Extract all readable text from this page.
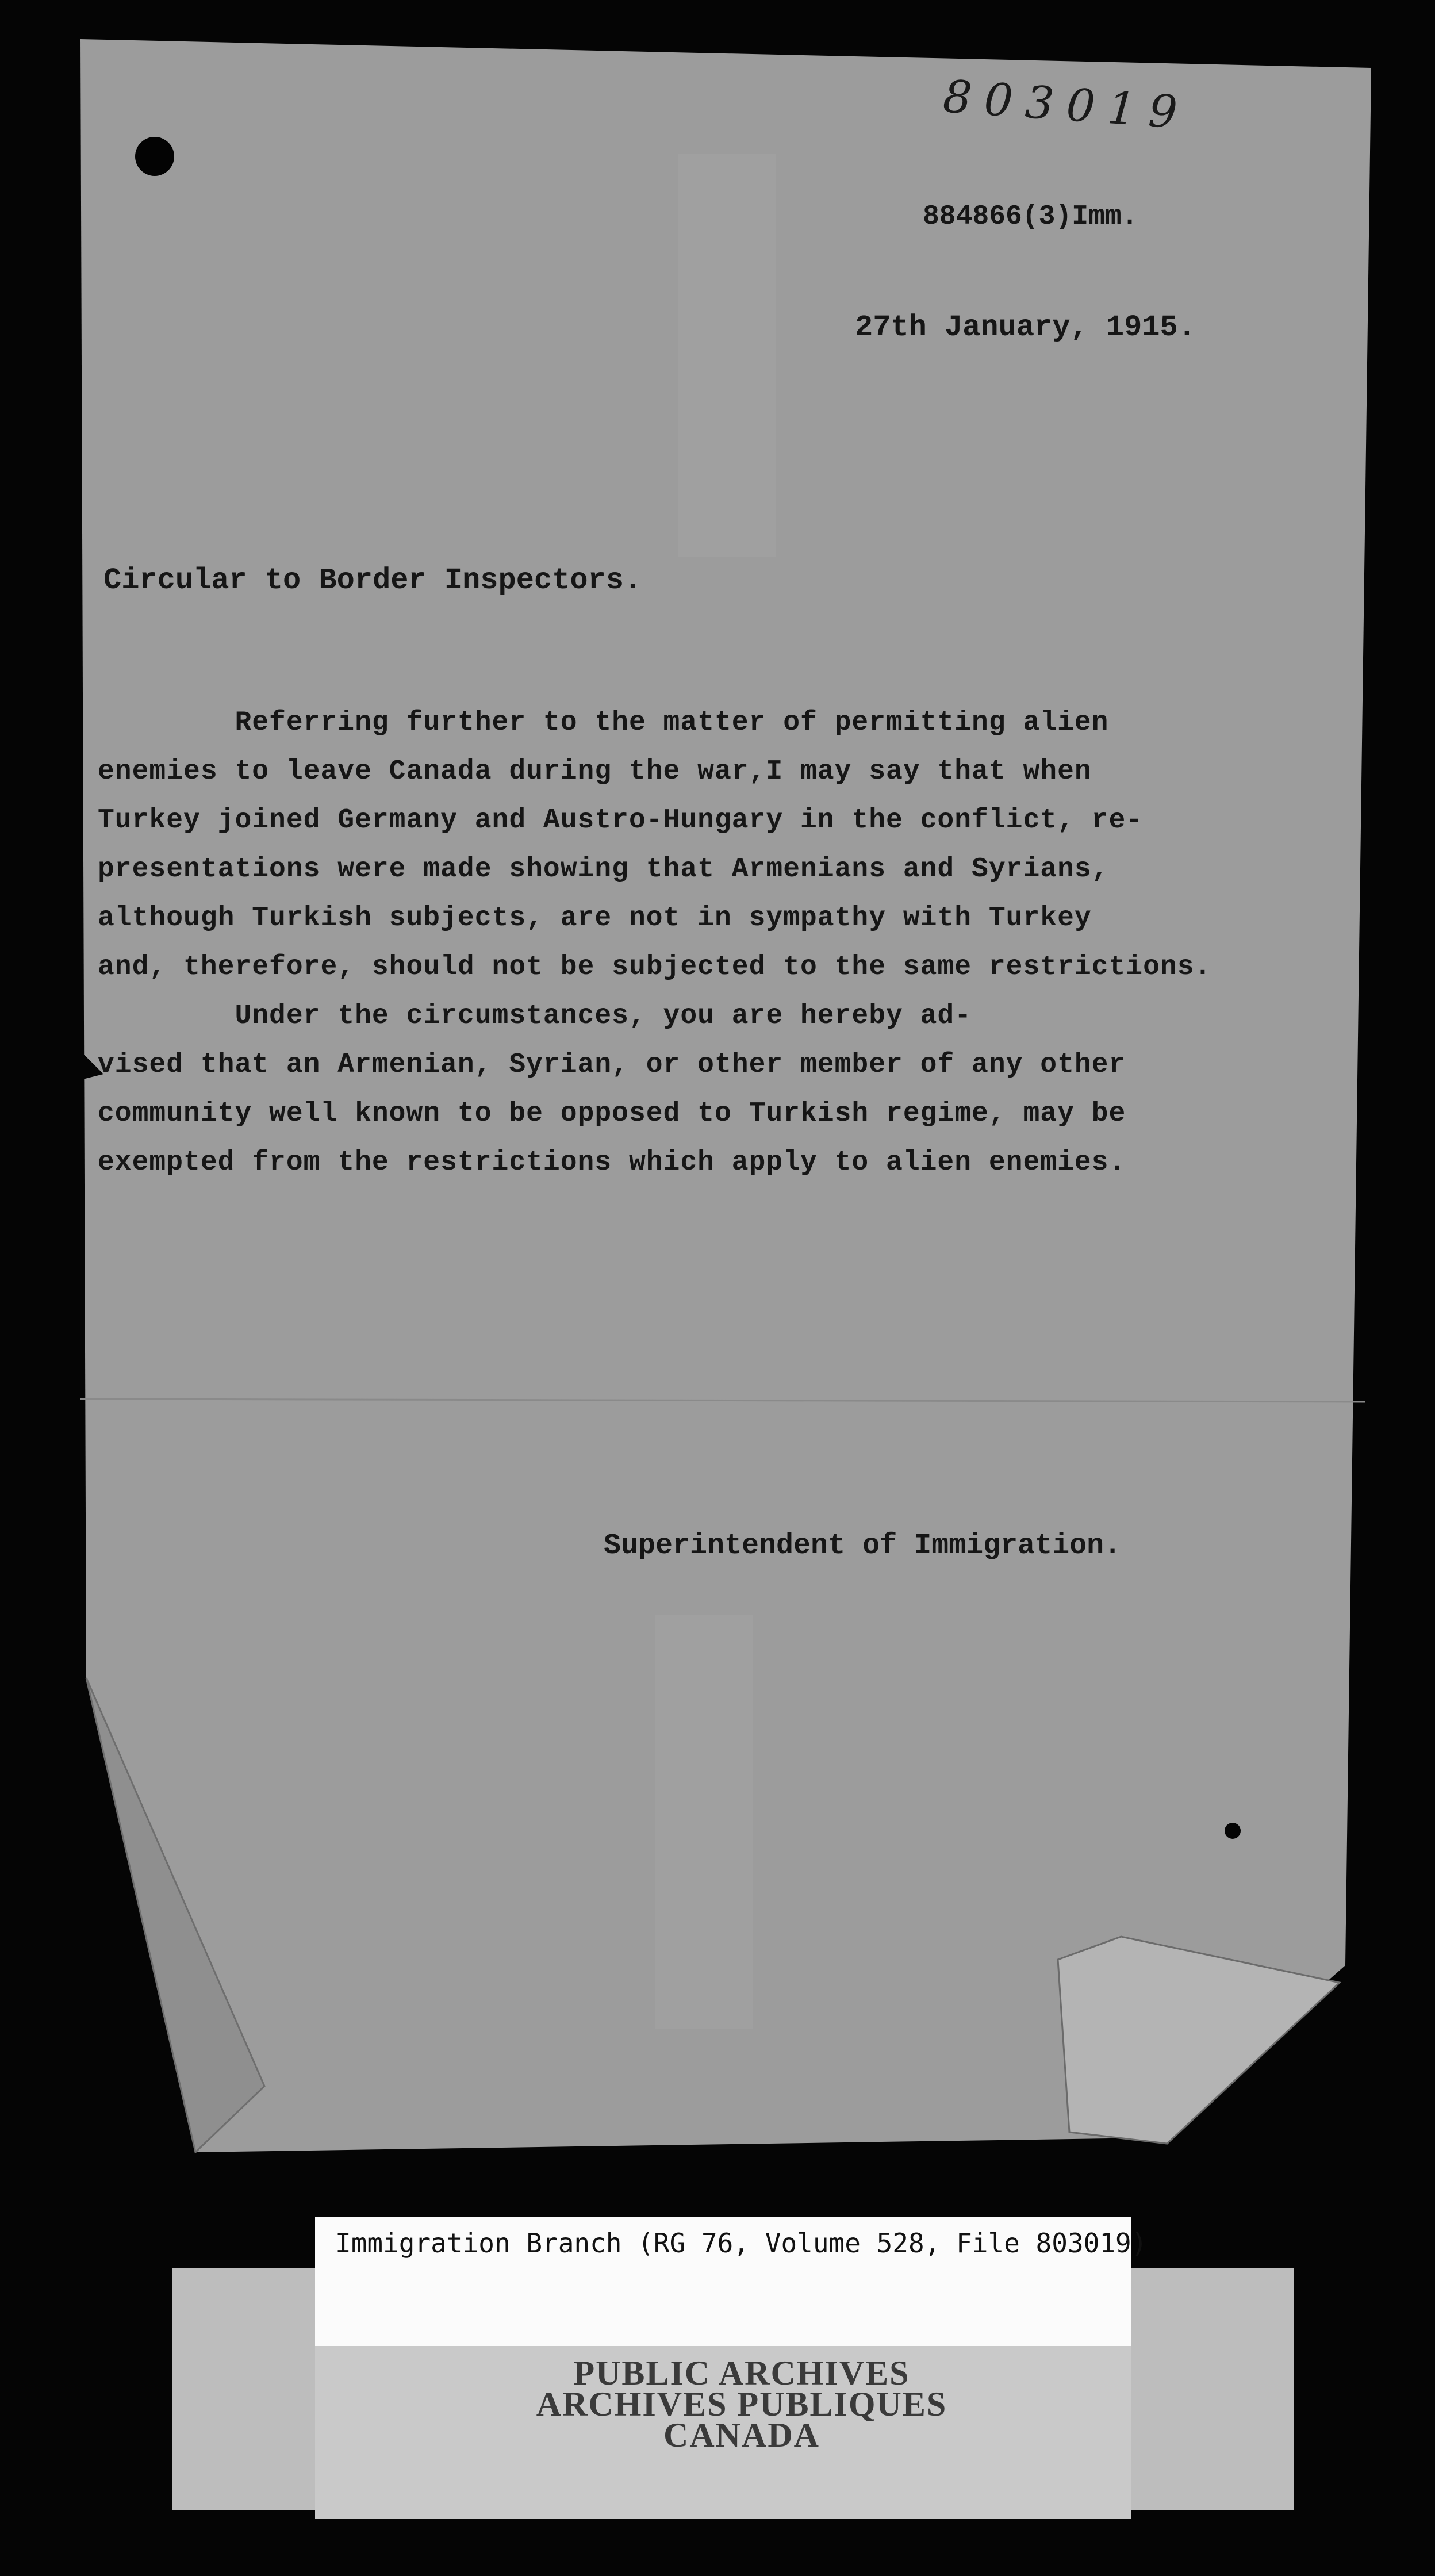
803019
884866(3)Imm.
27th January, 1915.
Circular to Border Inspectors.
Referring further to the matter of permitting alien
enemies to leave Canada during the war,I may say that when
Turkey joined Germany and Austro-Hungary in the conflict, re-
presentations were made showing that Armenians and Syrians,
although Turkish subjects, are not in sympathy with Turkey
and, therefore, should not be subjected to the same restrictions.
Under the circumstances, you are hereby ad-
vised that an Armenian, Syrian, or other member of any other
community well known to be opposed to Turkish regime, may be
exempted from the restrictions which apply to alien enemies.
Superintendent of Immigration.
Immigration Branch (RG 76, Volume 528, File 803019)
PUBLIC ARCHIVES
ARCHIVES PUBLIQUES
CANADA
